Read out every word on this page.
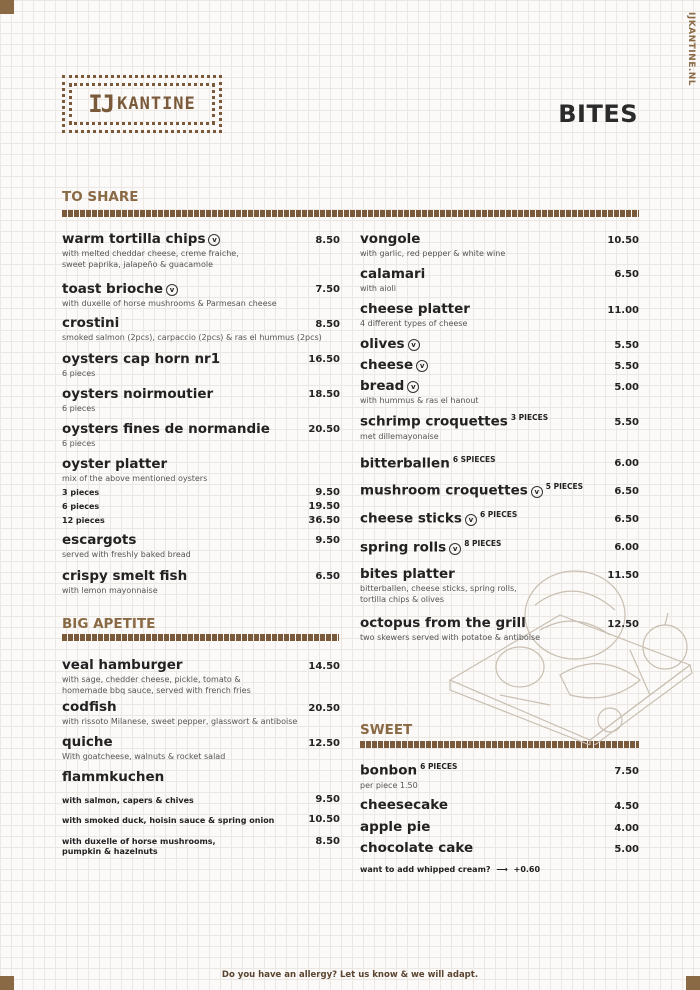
IJKANTINE.NL
IJ KANTINE	BITES
TO SHARE
BIG APETITE
SWEET
warm tortilla chips v
with melted cheddar cheese, creme fraiche, sweet paprika, jalapeño & guacamole
8.50
toast brioche v
with duxelle of horse mushrooms & Parmesan cheese
7.50
crostini
smoked salmon (2pcs), carpaccio (2pcs) & ras el hummus (2pcs)
8.50
oysters cap horn nr1
6 pieces
16.50
oysters noirmoutier
6 pieces
18.50
oysters fines de normandie
6 pieces
20.50
oyster platter
mix of the above mentioned oysters
3 pieces	9.50
6 pieces	19.50
12 pieces	36.50
escargots
served with freshly baked bread
9.50
crispy smelt fish
with lemon mayonnaise
6.50
vongole
with garlic, red pepper & white wine
10.50
calamari
with aioli
6.50
cheese platter
4 different types of cheese
11.00
olives v	5.50
cheese v	5.50
bread v
with hummus & ras el hanout
5.00
schrimp croquettes $^{3 PIECES}$
met dillemayonaise
5.50
bitterballen $^{6 SPIECES}$	6.00
mushroom croquettes $v^{5 PIECES}$	6.50
cheese sticks $v^{6 PIECES}$	6.50
spring rolls $v^{8 PIECES}$	6.00
bites platter
bitterballen, cheese sticks, spring rolls, tortilla chips & olives
11.50
octopus from the grill
two skewers served with potatoe & antiboise
12.50
veal hamburger
with sage, chedder cheese, pickle, tomato & homemade bbq sauce, served with french fries
14.50
codfish
with rissoto Milanese, sweet pepper, glasswort & antiboise
20.50
quiche
With goatcheese, walnuts & rocket salad
12.50
flammkuchen
with salmon, capers & chives	9.50
with smoked duck, hoisin sauce & spring onion	10.50
with duxelle of horse mushrooms, pumpkin & hazelnuts
8.50
bonbon $^{6 PIECES}$
per piece 1.50
7.50
cheesecake	4.50
apple pie	4.00
chocolate cake	5.00
want to add whipped cream? ⟶ +0.60
Do you have an allergy? Let us know & we will adapt.
